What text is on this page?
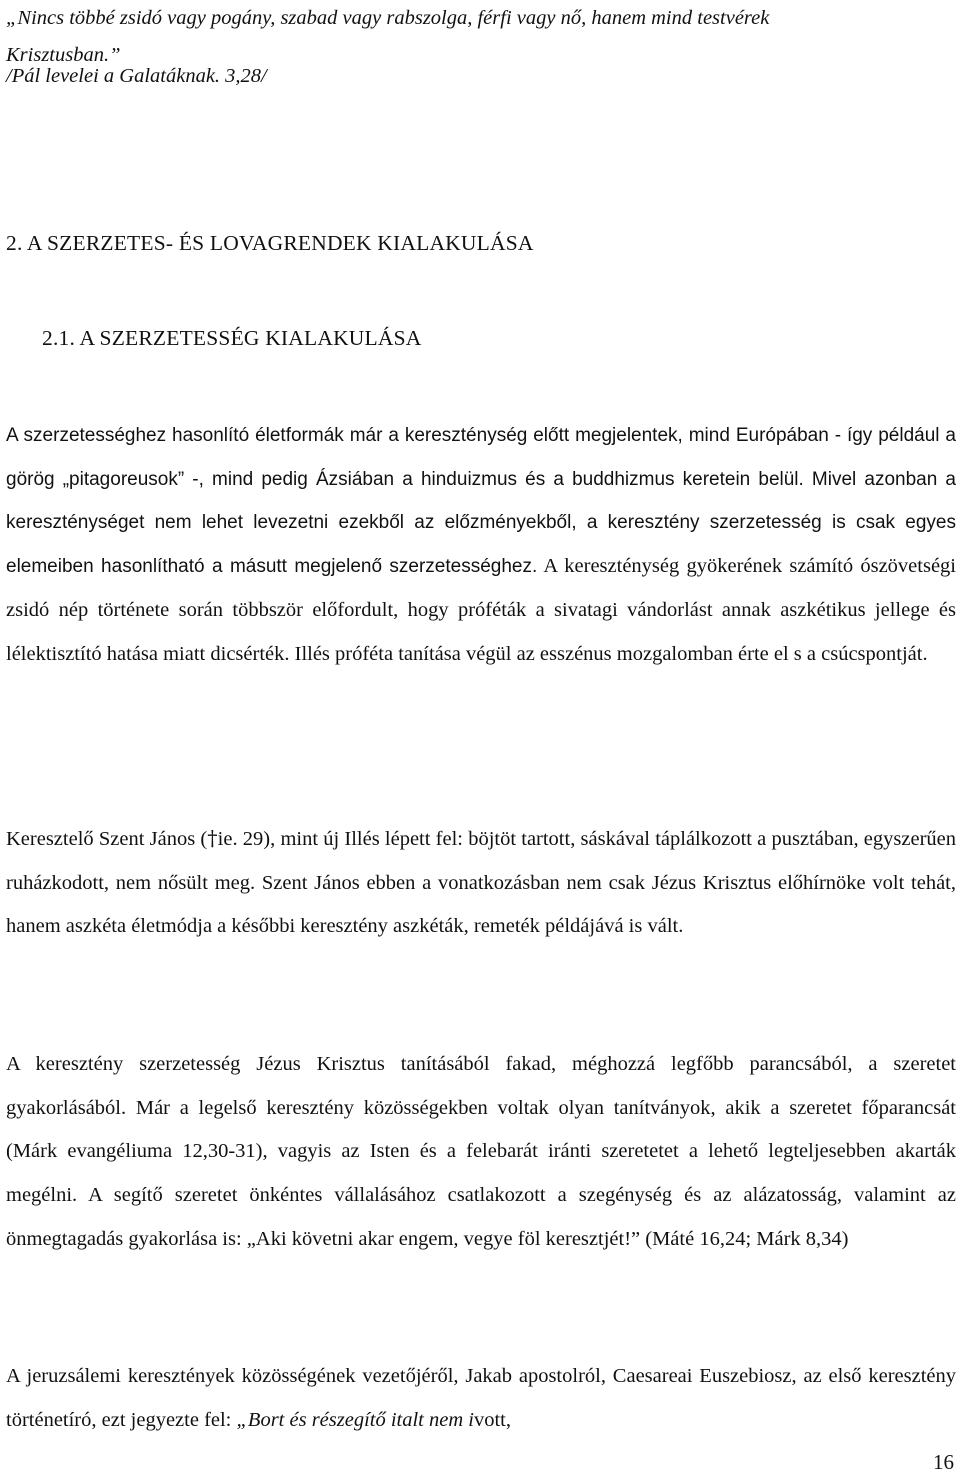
„Nincs többé zsidó vagy pogány, szabad vagy rabszolga, férfi vagy nő, hanem mind testvérek
Krisztusban.”
/Pál levelei a Galatáknak. 3,28/
2. A SZERZETES- ÉS LOVAGRENDEK KIALAKULÁSA
2.1. A SZERZETESSÉG KIALAKULÁSA
A szerzetességhez hasonlító életformák már a kereszténység előtt megjelentek, mind Európában - így például a görög „pitagoreusok” -, mind pedig Ázsiában a hinduizmus és a buddhizmus keretein belül. Mivel azonban a kereszténységet nem lehet levezetni ezekből az előzményekből, a keresztény szerzetesség is csak egyes elemeiben hasonlítható a másutt megjelenő szerzetességhez. A kereszténység gyökerének számító ószövetségi zsidó nép története során többször előfordult, hogy próféták a sivatagi vándorlást annak aszkétikus jellege és lélektisztító hatása miatt dicsérték. Illés próféta tanítása végül az esszénus mozgalomban érte el s a csúcspontját.
Keresztelő Szent János (†ie. 29), mint új Illés lépett fel: böjtöt tartott, sáskával táplálkozott a pusztában, egyszerűen ruházkodott, nem nősült meg. Szent János ebben a vonatkozásban nem csak Jézus Krisztus előhírnöke volt tehát, hanem aszkéta életmódja a későbbi keresztény aszkéták, remeték példájává is vált.
A keresztény szerzetesség Jézus Krisztus tanításából fakad, méghozzá legfőbb parancsából, a szeretet gyakorlásából. Már a legelső keresztény közösségekben voltak olyan tanítványok, akik a szeretet főparancsát (Márk evangéliuma 12,30-31), vagyis az Isten és a felebarát iránti szeretetet a lehető legteljesebben akarták megélni. A segítő szeretet önkéntes vállalásához csatlakozott a szegénység és az alázatosság, valamint az önmegtagadás gyakorlása is: „Aki követni akar engem, vegye föl keresztjét!” (Máté 16,24; Márk 8,34)
A jeruzsálemi keresztények közösségének vezetőjéről, Jakab apostolról, Caesareai Euszebiosz, az első keresztény történetíró, ezt jegyezte fel: „Bort és részegítő italt nem ivott,
16
